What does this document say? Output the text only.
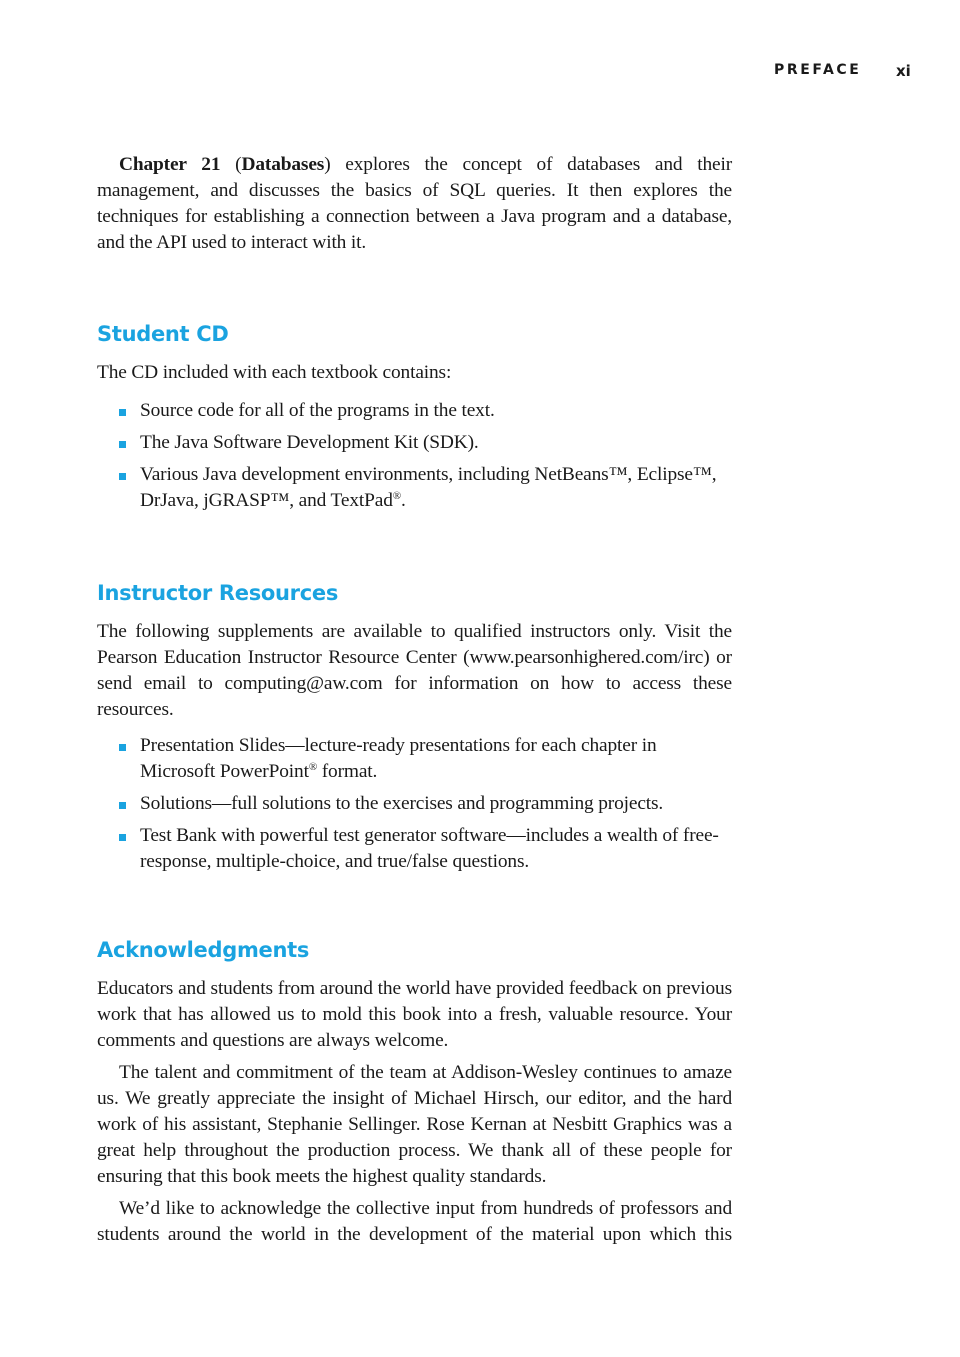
PREFACE xi

Chapter 21 (Databases) explores the concept of databases and their management, and discusses the basics of SQL queries. It then explores the techniques for establishing a connection between a Java program and a database, and the API used to interact with it.

Student CD

The CD included with each textbook contains:

Source code for all of the programs in the text.
The Java Software Development Kit (SDK).
Various Java development environments, including NetBeans™, Eclipse™, DrJava, jGRASP™, and TextPad®.
Instructor Resources

The following supplements are available to qualified instructors only. Visit the Pearson Education Instructor Resource Center (www.pearsonhighered.com/irc) or send email to computing@aw.com for information on how to access these resources.

Presentation Slides—lecture-ready presentations for each chapter in Microsoft PowerPoint® format.
Solutions—full solutions to the exercises and programming projects.
Test Bank with powerful test generator software—includes a wealth of free-response, multiple-choice, and true/false questions.
Acknowledgments

Educators and students from around the world have provided feedback on previous work that has allowed us to mold this book into a fresh, valuable resource. Your comments and questions are always welcome.

The talent and commitment of the team at Addison-Wesley continues to amaze us. We greatly appreciate the insight of Michael Hirsch, our editor, and the hard work of his assistant, Stephanie Sellinger. Rose Kernan at Nesbitt Graphics was a great help throughout the production process. We thank all of these people for ensuring that this book meets the highest quality standards.

We’d like to acknowledge the collective input from hundreds of professors and students around the world in the development of the material upon which this
